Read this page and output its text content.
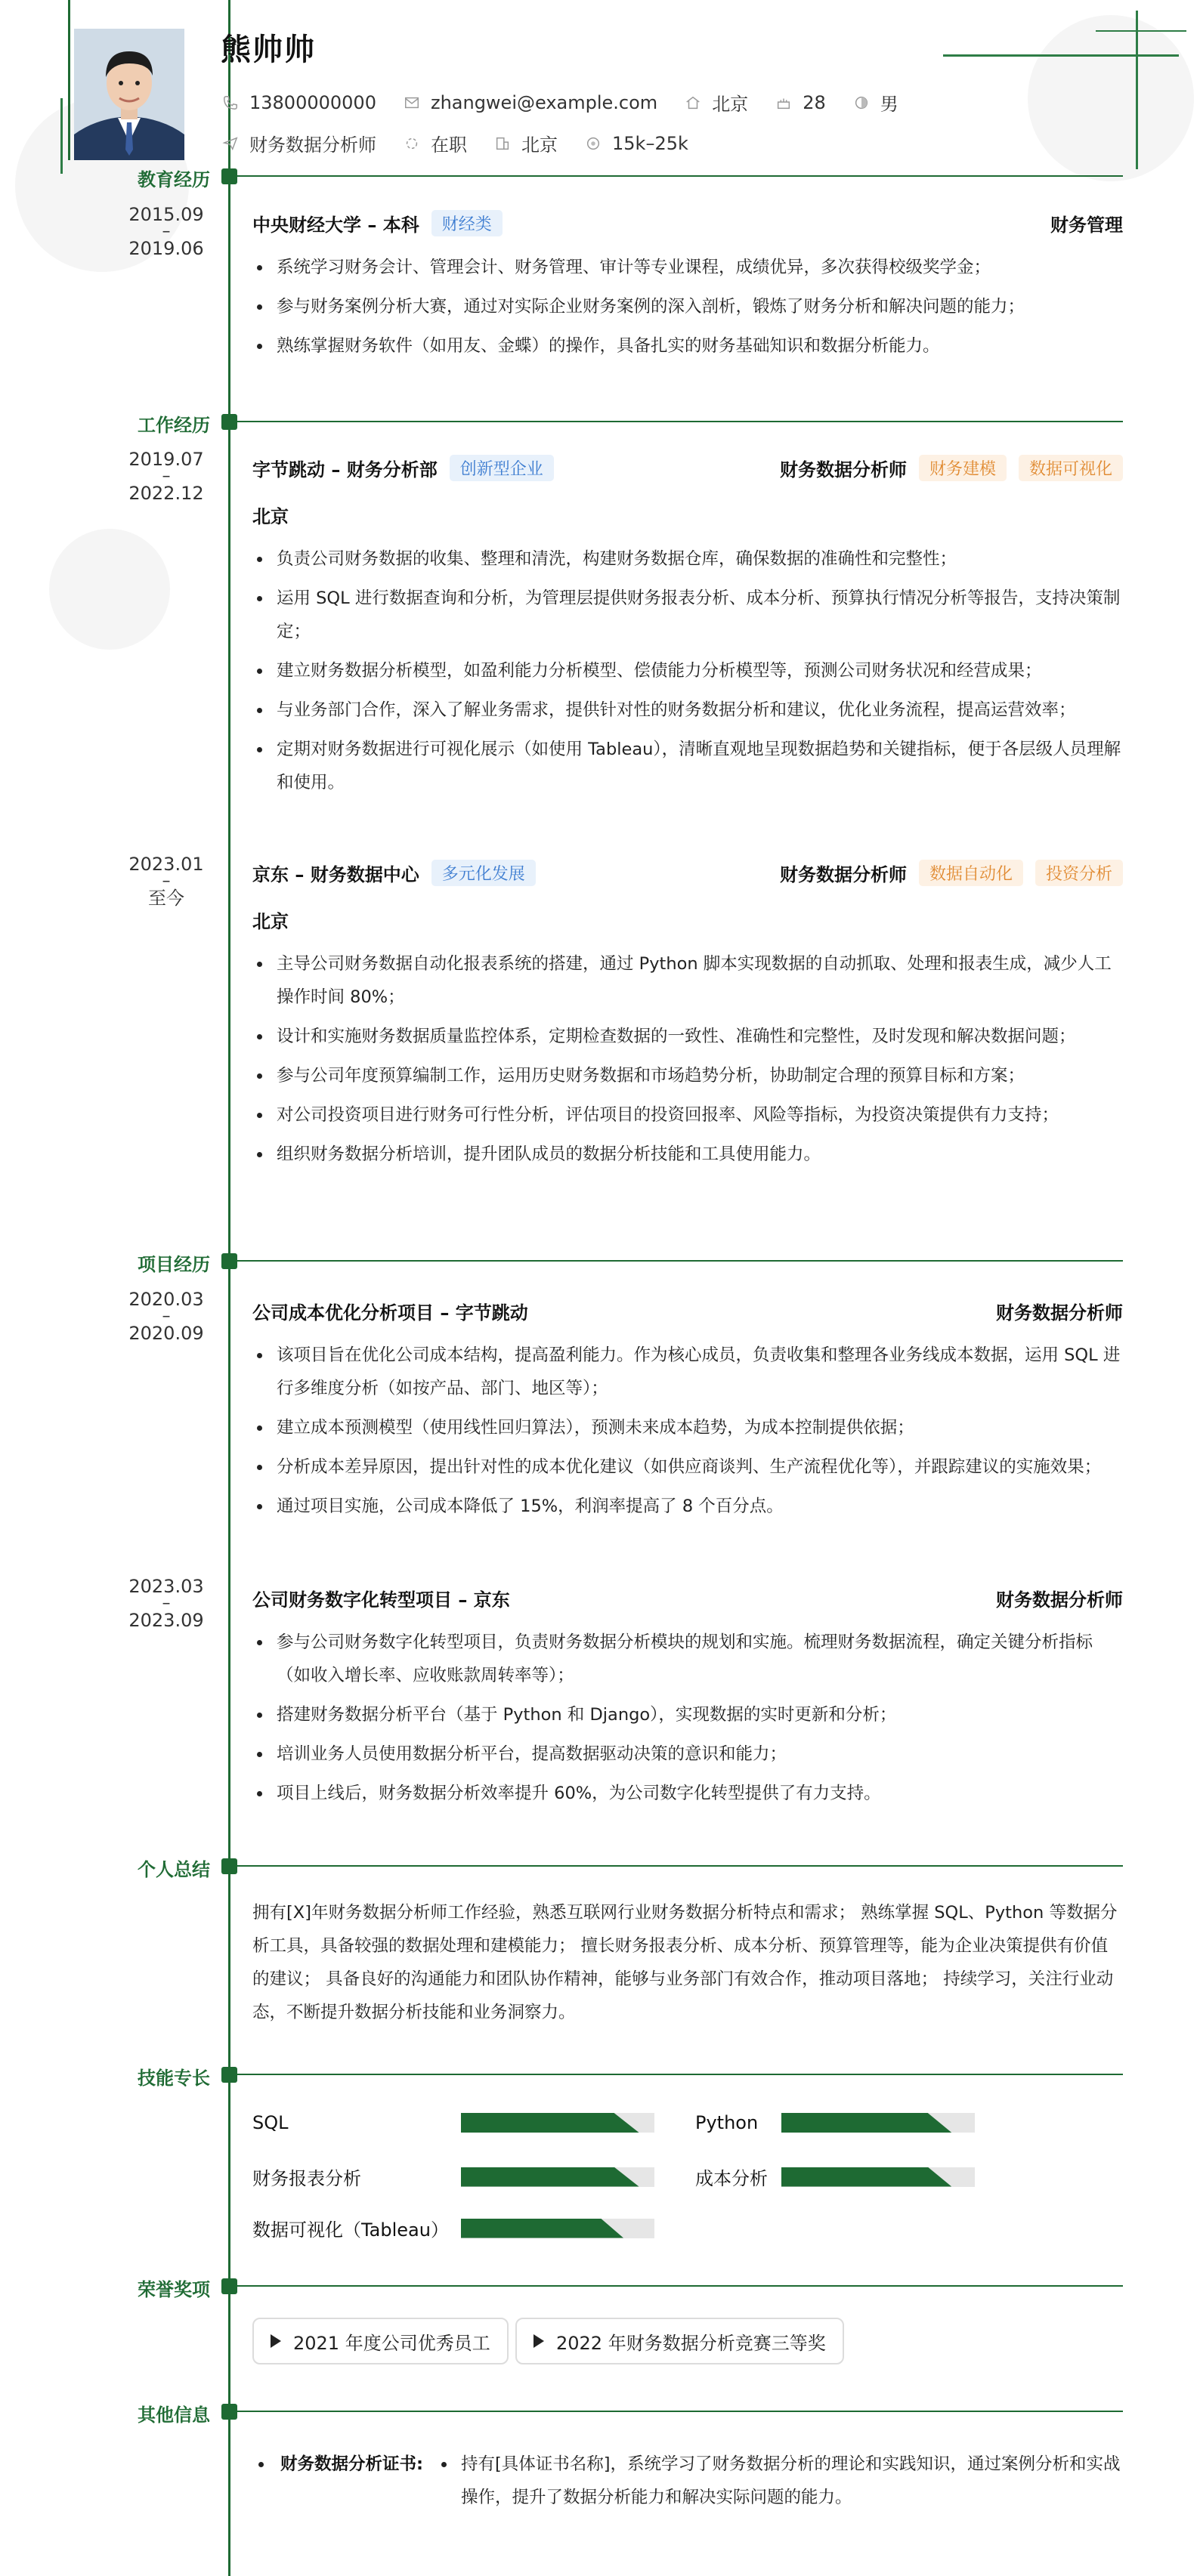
熊帅帅
13800000000	zhangwei@example.com	北京	28	男
财务数据分析师	在职	北京	15k–25k
教育经历
2015.09
–
2019.06
中央财经大学 – 本科	财经类	财务管理
系统学习财务会计、管理会计、财务管理、审计等专业课程，成绩优异，多次获得校级奖学金；
参与财务案例分析大赛，通过对实际企业财务案例的深入剖析，锻炼了财务分析和解决问题的能力；
熟练掌握财务软件（如用友、金蝶）的操作，具备扎实的财务基础知识和数据分析能力。
工作经历
2019.07
–
2022.12
字节跳动 – 财务分析部	创新型企业	财务数据分析师	财务建模	数据可视化
北京
负责公司财务数据的收集、整理和清洗，构建财务数据仓库，确保数据的准确性和完整性；
运用 SQL 进行数据查询和分析，为管理层提供财务报表分析、成本分析、预算执行情况分析等报告，支持决策制定；
建立财务数据分析模型，如盈利能力分析模型、偿债能力分析模型等，预测公司财务状况和经营成果；
与业务部门合作，深入了解业务需求，提供针对性的财务数据分析和建议，优化业务流程，提高运营效率；
定期对财务数据进行可视化展示（如使用 Tableau），清晰直观地呈现数据趋势和关键指标，便于各层级人员理解和使用。
2023.01
–
至今
京东 – 财务数据中心	多元化发展	财务数据分析师	数据自动化	投资分析
北京
主导公司财务数据自动化报表系统的搭建，通过 Python 脚本实现数据的自动抓取、处理和报表生成，减少人工操作时间 80%；
设计和实施财务数据质量监控体系，定期检查数据的一致性、准确性和完整性，及时发现和解决数据问题；
参与公司年度预算编制工作，运用历史财务数据和市场趋势分析，协助制定合理的预算目标和方案；
对公司投资项目进行财务可行性分析，评估项目的投资回报率、风险等指标，为投资决策提供有力支持；
组织财务数据分析培训，提升团队成员的数据分析技能和工具使用能力。
项目经历
2020.03
–
2020.09
公司成本优化分析项目 – 字节跳动	财务数据分析师
该项目旨在优化公司成本结构，提高盈利能力。作为核心成员，负责收集和整理各业务线成本数据，运用 SQL 进行多维度分析（如按产品、部门、地区等）；
建立成本预测模型（使用线性回归算法），预测未来成本趋势，为成本控制提供依据；
分析成本差异原因，提出针对性的成本优化建议（如供应商谈判、生产流程优化等），并跟踪建议的实施效果；
通过项目实施，公司成本降低了 15%，利润率提高了 8 个百分点。
2023.03
–
2023.09
公司财务数字化转型项目 – 京东	财务数据分析师
参与公司财务数字化转型项目，负责财务数据分析模块的规划和实施。梳理财务数据流程，确定关键分析指标（如收入增长率、应收账款周转率等）；
搭建财务数据分析平台（基于 Python 和 Django），实现数据的实时更新和分析；
培训业务人员使用数据分析平台，提高数据驱动决策的意识和能力；
项目上线后，财务数据分析效率提升 60%，为公司数字化转型提供了有力支持。
个人总结
拥有[X]年财务数据分析师工作经验，熟悉互联网行业财务数据分析特点和需求； 熟练掌握 SQL、Python 等数据分析工具，具备较强的数据处理和建模能力； 擅长财务报表分析、成本分析、预算管理等，能为企业决策提供有价值的建议； 具备良好的沟通能力和团队协作精神，能够与业务部门有效合作，推动项目落地； 持续学习，关注行业动态，不断提升数据分析技能和业务洞察力。
技能专长
SQL	Python
财务报表分析	成本分析
数据可视化（Tableau）
荣誉奖项
2021 年度公司优秀员工	2022 年财务数据分析竞赛三等奖
其他信息
财务数据分析证书:	持有[具体证书名称]，系统学习了财务数据分析的理论和实践知识，通过案例分析和实战操作，提升了数据分析能力和解决实际问题的能力。
